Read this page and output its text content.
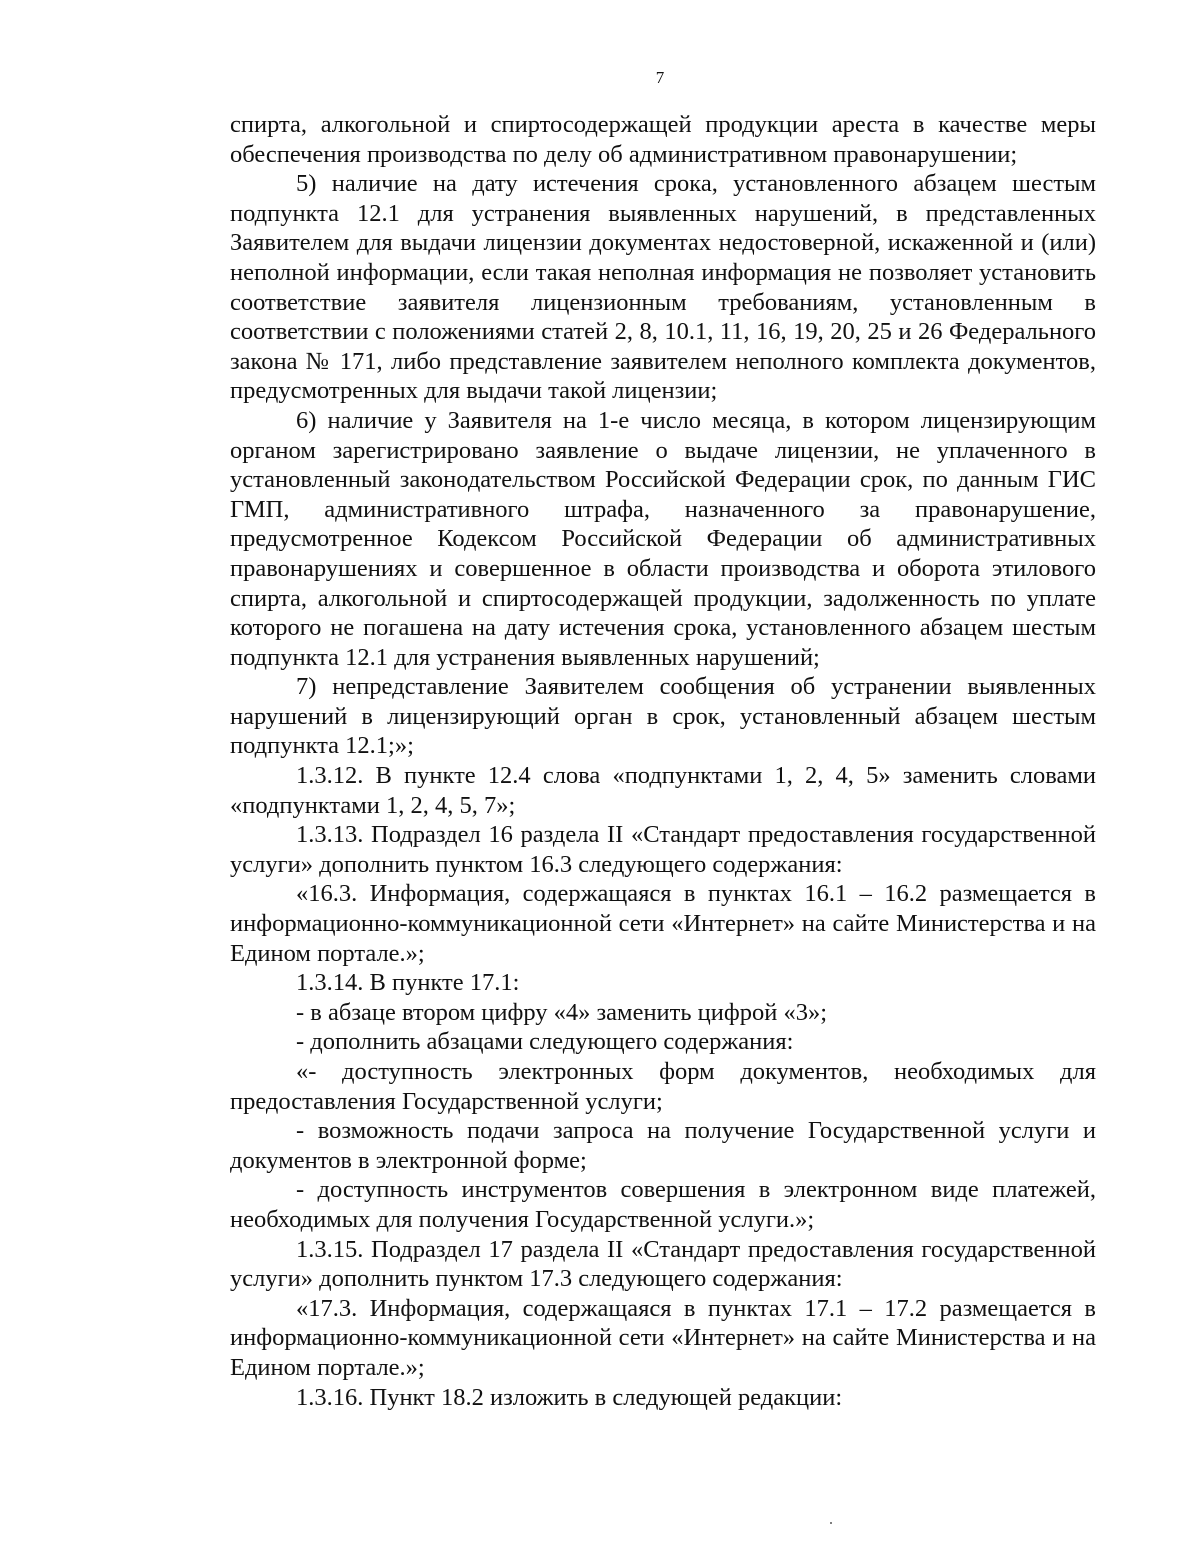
7

спирта, алкогольной и спиртосодержащей продукции ареста в качестве меры обеспечения производства по делу об административном правонарушении;

5) наличие на дату истечения срока, установленного абзацем шестым подпункта 12.1 для устранения выявленных нарушений, в представленных Заявителем для выдачи лицензии документах недостоверной, искаженной и (или) неполной информации, если такая неполная информация не позволяет установить соответствие заявителя лицензионным требованиям, установленным в соответствии с положениями статей 2, 8, 10.1, 11, 16, 19, 20, 25 и 26 Федерального закона № 171, либо представление заявителем неполного комплекта документов, предусмотренных для выдачи такой лицензии;

6) наличие у Заявителя на 1-е число месяца, в котором лицензирующим органом зарегистрировано заявление о выдаче лицензии, не уплаченного в установленный законодательством Российской Федерации срок, по данным ГИС ГМП, административного штрафа, назначенного за правонарушение, предусмотренное Кодексом Российской Федерации об административных правонарушениях и совершенное в области производства и оборота этилового спирта, алкогольной и спиртосодержащей продукции, задолженность по уплате которого не погашена на дату истечения срока, установленного абзацем шестым подпункта 12.1 для устранения выявленных нарушений;

7) непредставление Заявителем сообщения об устранении выявленных нарушений в лицензирующий орган в срок, установленный абзацем шестым подпункта 12.1;»;

1.3.12. В пункте 12.4 слова «подпунктами 1, 2, 4, 5» заменить словами «подпунктами 1, 2, 4, 5, 7»;

1.3.13. Подраздел 16 раздела II «Стандарт предоставления государственной услуги» дополнить пунктом 16.3 следующего содержания:

«16.3. Информация, содержащаяся в пунктах 16.1 – 16.2 размещается в информационно-коммуникационной сети «Интернет» на сайте Министерства и на Едином портале.»;

1.3.14. В пункте 17.1:

- в абзаце втором цифру «4» заменить цифрой «3»;

- дополнить абзацами следующего содержания:

«- доступность электронных форм документов, необходимых для предоставления Государственной услуги;

- возможность подачи запроса на получение Государственной услуги и документов в электронной форме;

- доступность инструментов совершения в электронном виде платежей, необходимых для получения Государственной услуги.»;

1.3.15. Подраздел 17 раздела II «Стандарт предоставления государственной услуги» дополнить пунктом 17.3 следующего содержания:

«17.3. Информация, содержащаяся в пунктах 17.1 – 17.2 размещается в информационно-коммуникационной сети «Интернет» на сайте Министерства и на Едином портале.»;

1.3.16. Пункт 18.2 изложить в следующей редакции:
